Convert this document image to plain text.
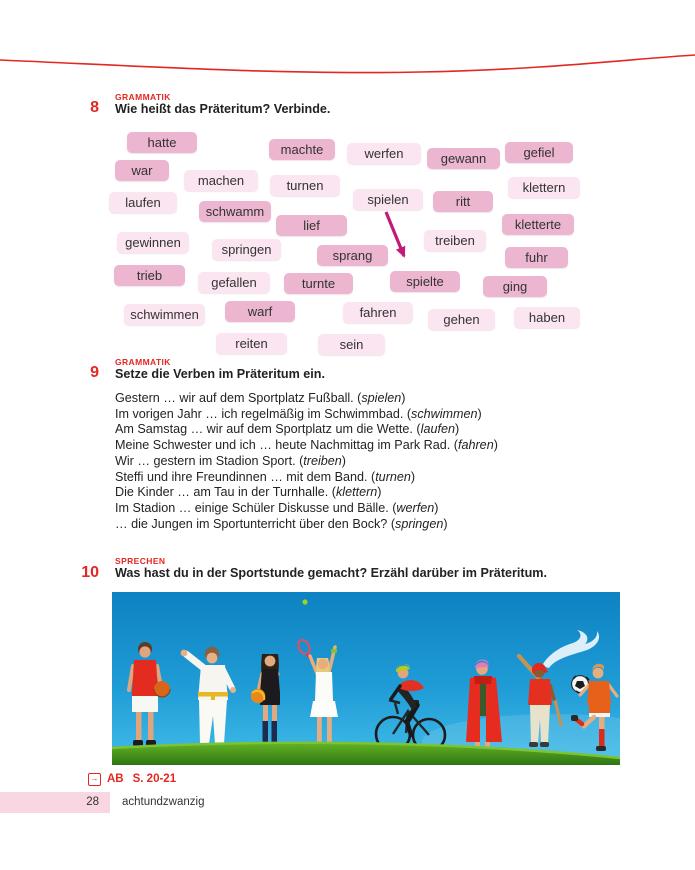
GRAMMATIK
8 Wie heißt das Präteritum? Verbinde.
hatte	machte	werfen	gewann	gefiel
war
machen	turnen	klettern
laufen
schwamm
spielen	ritt
lief	kletterte
gewinnen	springen	sprang
treiben
fuhr
trieb	gefallen	turnte	spielte	ging
schwimmen	warf	fahren	gehen	haben
reiten	sein
GRAMMATIK
9 Setze die Verben im Präteritum ein.
Gestern … wir auf dem Sportplatz Fußball. (spielen)
Im vorigen Jahr … ich regelmäßig im Schwimmbad. (schwimmen)
Am Samstag … wir auf dem Sportplatz um die Wette. (laufen)
Meine Schwester und ich … heute Nachmittag im Park Rad. (fahren)
Wir … gestern im Stadion Sport. (treiben)
Steffi und ihre Freundinnen … mit dem Band. (turnen)
Die Kinder … am Tau in der Turnhalle. (klettern)
Im Stadion … einige Schüler Diskusse und Bälle. (werfen)
… die Jungen im Sportunterricht über den Bock? (springen)
SPRECHEN
10 Was hast du in der Sportstunde gemacht? Erzähl darüber im Präteritum.
→ AB S. 20-21
28 achtundzwanzig
